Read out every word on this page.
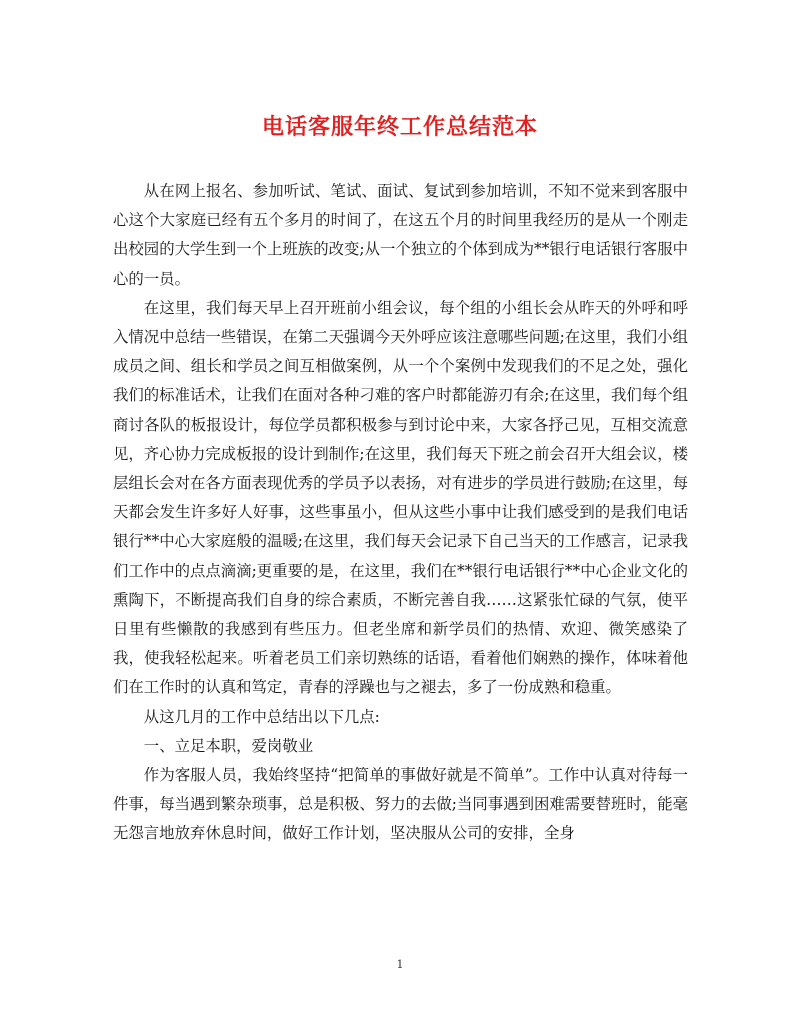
电话客服年终工作总结范本

从在网上报名、参加听试、笔试、面试、复试到参加培训，不知不觉来到客服中心这个大家庭已经有五个多月的时间了，在这五个月的时间里我经历的是从一个刚走出校园的大学生到一个上班族的改变;从一个独立的个体到成为**银行电话银行客服中心的一员。

在这里，我们每天早上召开班前小组会议，每个组的小组长会从昨天的外呼和呼入情况中总结一些错误，在第二天强调今天外呼应该注意哪些问题;在这里，我们小组成员之间、组长和学员之间互相做案例，从一个个案例中发现我们的不足之处，强化我们的标准话术，让我们在面对各种刁难的客户时都能游刃有余;在这里，我们每个组商讨各队的板报设计，每位学员都积极参与到讨论中来，大家各抒己见，互相交流意见，齐心协力完成板报的设计到制作;在这里，我们每天下班之前会召开大组会议，楼层组长会对在各方面表现优秀的学员予以表扬，对有进步的学员进行鼓励;在这里，每天都会发生许多好人好事，这些事虽小，但从这些小事中让我们感受到的是我们电话银行**中心大家庭般的温暖;在这里，我们每天会记录下自己当天的工作感言，记录我们工作中的点点滴滴;更重要的是，在这里，我们在**银行电话银行**中心企业文化的熏陶下，不断提高我们自身的综合素质，不断完善自我……这紧张忙碌的气氛，使平日里有些懒散的我感到有些压力。但老坐席和新学员们的热情、欢迎、微笑感染了我，使我轻松起来。听着老员工们亲切熟练的话语，看着他们娴熟的操作，体味着他们在工作时的认真和笃定，青春的浮躁也与之褪去，多了一份成熟和稳重。

从这几月的工作中总结出以下几点:

一、立足本职，爱岗敬业

作为客服人员，我始终坚持“把简单的事做好就是不简单”。工作中认真对待每一件事，每当遇到繁杂琐事，总是积极、努力的去做;当同事遇到困难需要替班时，能毫无怨言地放弃休息时间，做好工作计划，坚决服从公司的安排，全身

1
